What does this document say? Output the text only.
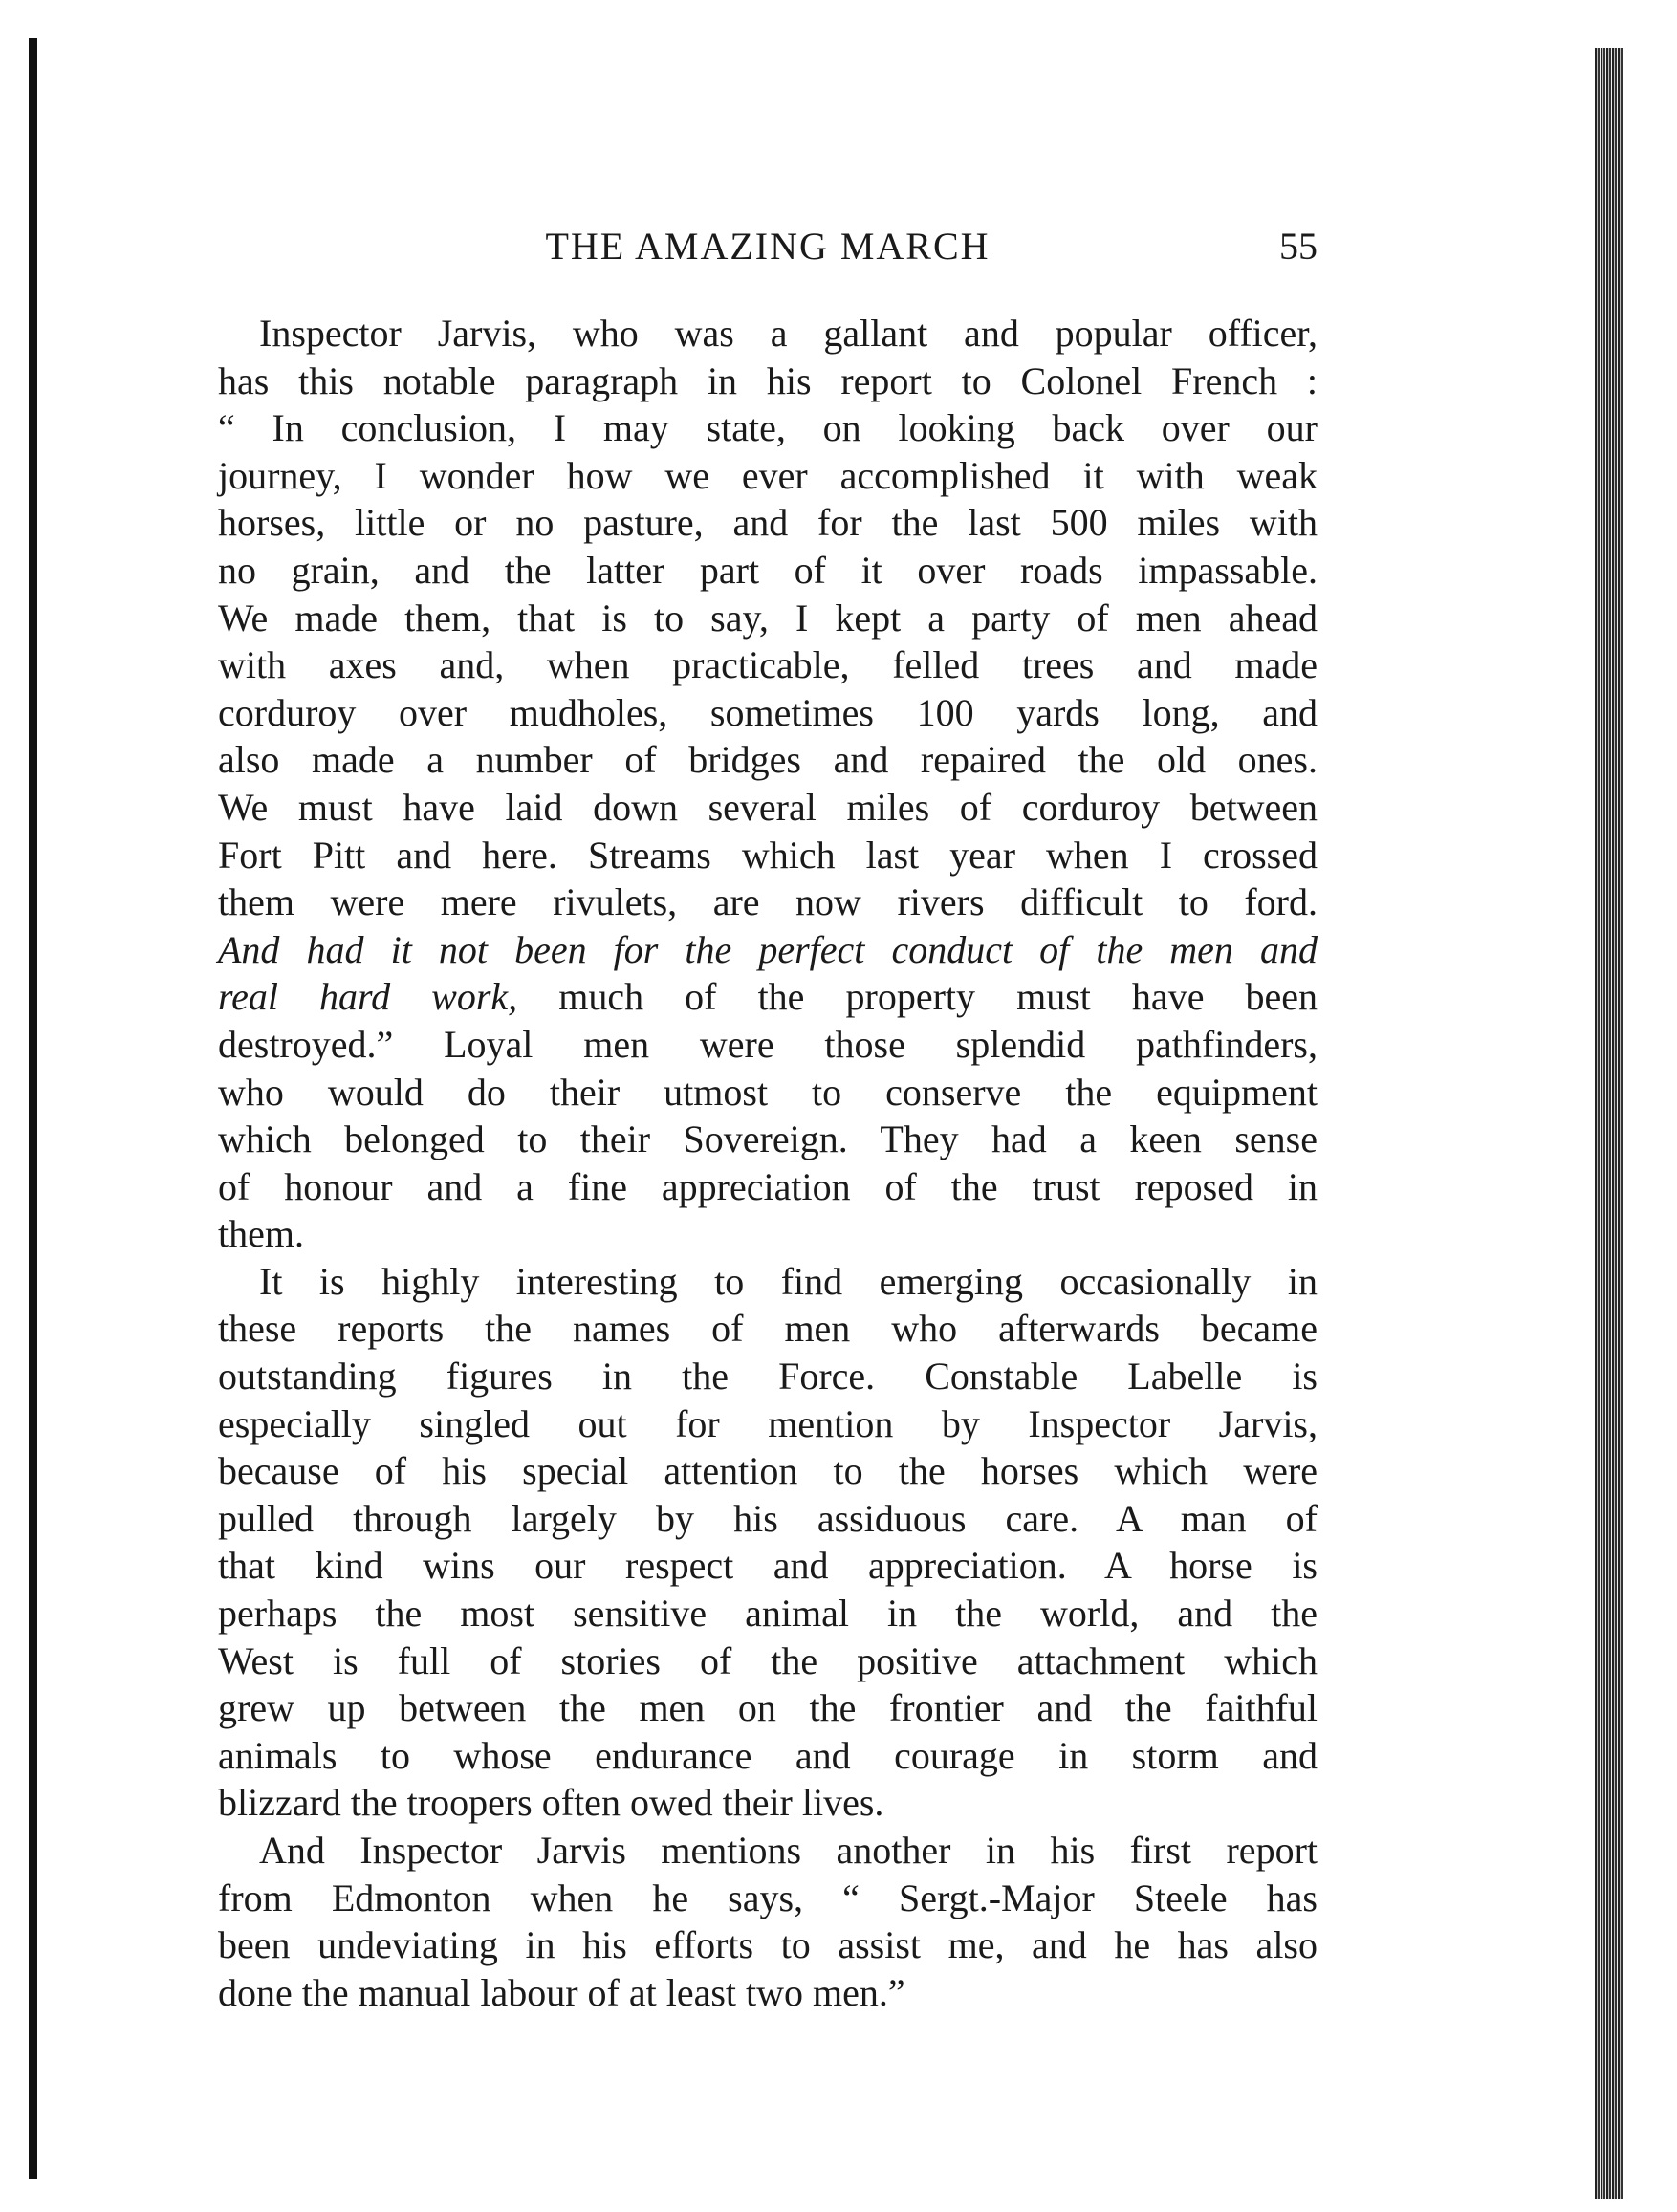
THE AMAZING MARCH	55
Inspector Jarvis, who was a gallant and popular officer,
has this notable paragraph in his report to Colonel French :
“ In conclusion, I may state, on looking back over our
journey, I wonder how we ever accomplished it with weak
horses, little or no pasture, and for the last 500 miles with
no grain, and the latter part of it over roads impassable.
We made them, that is to say, I kept a party of men ahead
with axes and, when practicable, felled trees and made
corduroy over mudholes, sometimes 100 yards long, and
also made a number of bridges and repaired the old ones.
We must have laid down several miles of corduroy between
Fort Pitt and here. Streams which last year when I crossed
them were mere rivulets, are now rivers difficult to ford.
And had it not been for the perfect conduct of the men and
real hard work, much of the property must have been
destroyed.” Loyal men were those splendid pathfinders,
who would do their utmost to conserve the equipment
which belonged to their Sovereign. They had a keen sense
of honour and a fine appreciation of the trust reposed in
them.
It is highly interesting to find emerging occasionally in
these reports the names of men who afterwards became
outstanding figures in the Force. Constable Labelle is
especially singled out for mention by Inspector Jarvis,
because of his special attention to the horses which were
pulled through largely by his assiduous care. A man of
that kind wins our respect and appreciation. A horse is
perhaps the most sensitive animal in the world, and the
West is full of stories of the positive attachment which
grew up between the men on the frontier and the faithful
animals to whose endurance and courage in storm and
blizzard the troopers often owed their lives.
And Inspector Jarvis mentions another in his first report
from Edmonton when he says, “ Sergt.-Major Steele has
been undeviating in his efforts to assist me, and he has also
done the manual labour of at least two men.”
